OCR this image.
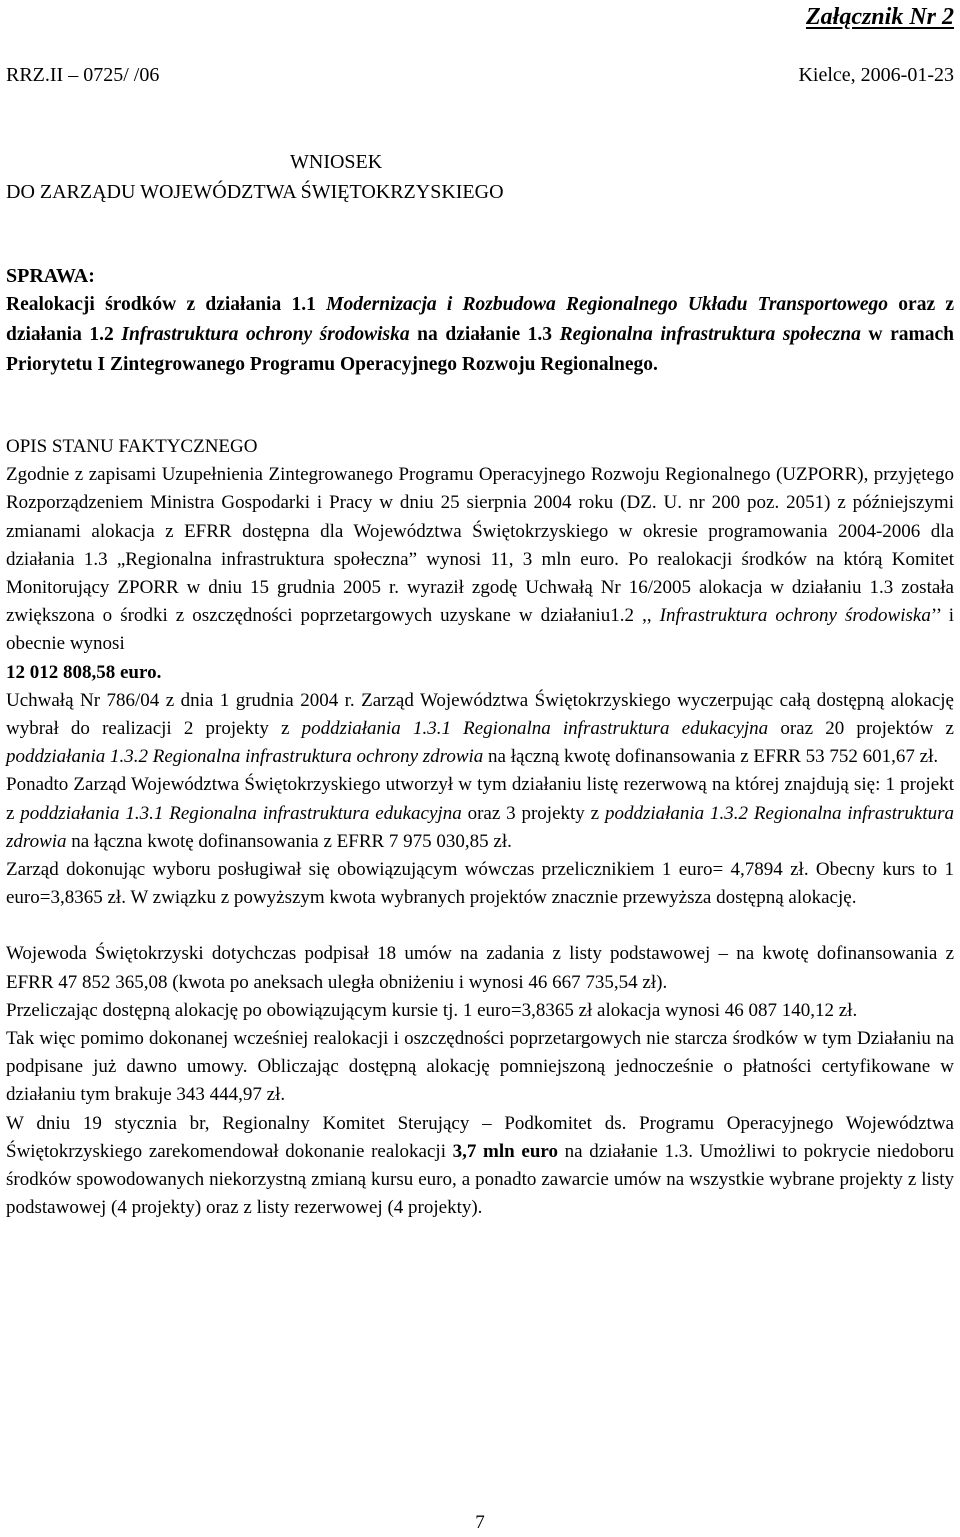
Załącznik Nr 2
RRZ.II – 0725/ /06	Kielce, 2006-01-23
WNIOSEK
DO ZARZĄDU WOJEWÓDZTWA ŚWIĘTOKRZYSKIEGO
SPRAWA:
Realokacji środków z działania 1.1 Modernizacja i Rozbudowa Regionalnego Układu Transportowego oraz z działania 1.2 Infrastruktura ochrony środowiska na działanie 1.3 Regionalna infrastruktura społeczna w ramach Priorytetu I Zintegrowanego Programu Operacyjnego Rozwoju Regionalnego.

OPIS STANU FAKTYCZNEGO

Zgodnie z zapisami Uzupełnienia Zintegrowanego Programu Operacyjnego Rozwoju Regionalnego (UZPORR), przyjętego Rozporządzeniem Ministra Gospodarki i Pracy w dniu 25 sierpnia 2004 roku (DZ. U. nr 200 poz. 2051) z późniejszymi zmianami alokacja z EFRR dostępna dla Województwa Świętokrzyskiego w okresie programowania 2004-2006 dla działania 1.3 „Regionalna infrastruktura społeczna” wynosi 11, 3 mln euro. Po realokacji środków na którą Komitet Monitorujący ZPORR w dniu 15 grudnia 2005 r. wyraził zgodę Uchwałą Nr 16/2005 alokacja w działaniu 1.3 została zwiększona o środki z oszczędności poprzetargowych uzyskane w działaniu1.2 ,, Infrastruktura ochrony środowiska’’ i obecnie wynosi
12 012 808,58 euro.

Uchwałą Nr 786/04 z dnia 1 grudnia 2004 r. Zarząd Województwa Świętokrzyskiego wyczerpując całą dostępną alokację wybrał do realizacji 2 projekty z poddziałania 1.3.1 Regionalna infrastruktura edukacyjna oraz 20 projektów z poddziałania 1.3.2 Regionalna infrastruktura ochrony zdrowia na łączną kwotę dofinansowania z EFRR 53 752 601,67 zł.

Ponadto Zarząd Województwa Świętokrzyskiego utworzył w tym działaniu listę rezerwową na której znajdują się: 1 projekt z poddziałania 1.3.1 Regionalna infrastruktura edukacyjna oraz 3 projekty z poddziałania 1.3.2 Regionalna infrastruktura zdrowia na łączna kwotę dofinansowania z EFRR 7 975 030,85 zł.

Zarząd dokonując wyboru posługiwał się obowiązującym wówczas przelicznikiem 1 euro= 4,7894 zł. Obecny kurs to 1 euro=3,8365 zł. W związku z powyższym kwota wybranych projektów znacznie przewyższa dostępną alokację.

Wojewoda Świętokrzyski dotychczas podpisał 18 umów na zadania z listy podstawowej – na kwotę dofinansowania z EFRR 47 852 365,08 (kwota po aneksach uległa obniżeniu i wynosi 46 667 735,54 zł).

Przeliczając dostępną alokację po obowiązującym kursie tj. 1 euro=3,8365 zł alokacja wynosi 46 087 140,12 zł.

Tak więc pomimo dokonanej wcześniej realokacji i oszczędności poprzetargowych nie starcza środków w tym Działaniu na podpisane już dawno umowy. Obliczając dostępną alokację pomniejszoną jednocześnie o płatności certyfikowane w działaniu tym brakuje 343 444,97 zł.

W dniu 19 stycznia br, Regionalny Komitet Sterujący – Podkomitet ds. Programu Operacyjnego Województwa Świętokrzyskiego zarekomendował dokonanie realokacji 3,7 mln euro na działanie 1.3. Umożliwi to pokrycie niedoboru środków spowodowanych niekorzystną zmianą kursu euro, a ponadto zawarcie umów na wszystkie wybrane projekty z listy podstawowej (4 projekty) oraz z listy rezerwowej (4 projekty).

7
